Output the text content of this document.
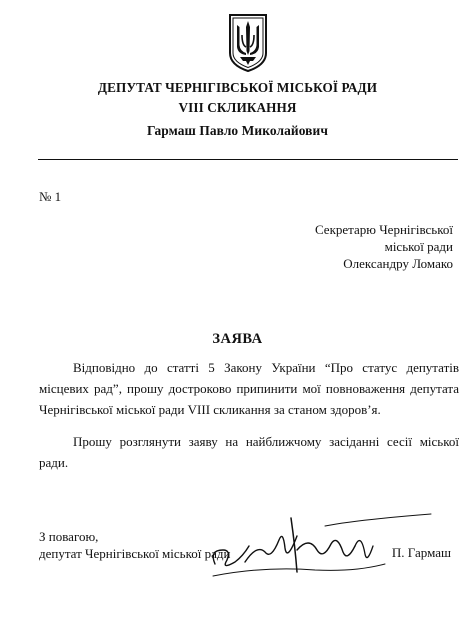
ДЕПУТАТ ЧЕРНІГІВСЬКОЇ МІСЬКОЇ РАДИ
VIII СКЛИКАННЯ
Гармаш Павло Миколайович
№ 1
Секретарю Чернігівської
міської ради
Олександру Ломако
ЗАЯВА
Відповідно до статті 5 Закону України “Про статус депутатів місцевих рад”, прошу достроково припинити мої повноваження депутата Чернігівської міської ради VIII скликання за станом здоров’я.
Прошу розглянути заяву на найближчому засіданні сесії міської ради.
З повагою,
депутат Чернігівської міської ради	П. Гармаш
